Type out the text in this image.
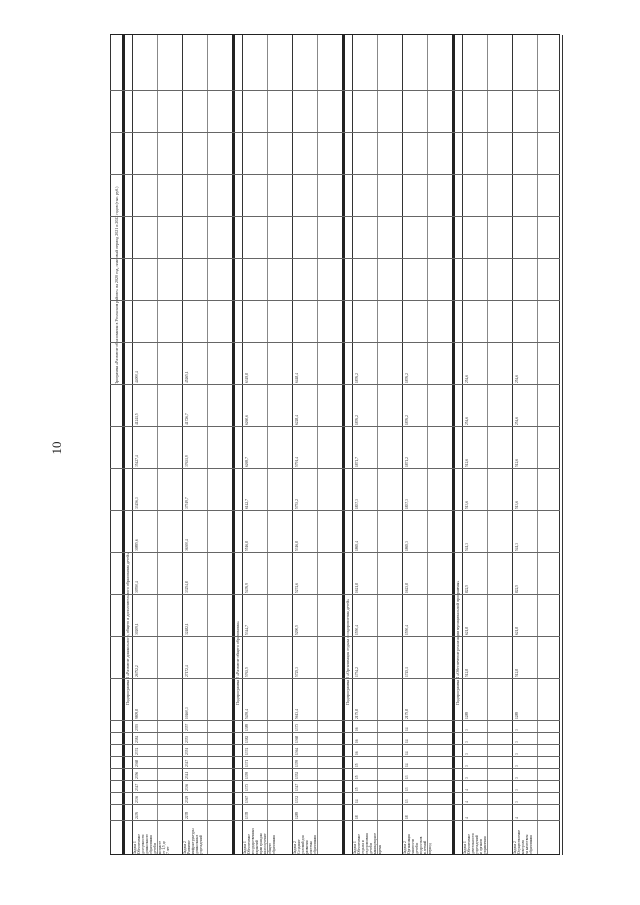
10
Программа «Развитие образования в Усольском районе» на 2020 год, плановый период 2021 и 2022 годов (тыс. руб.)
Подпрограмма 1 «Развитие дошкольного, общего и дополнительного образования детей»
Задача 1
Обеспечение
доступности
дошкольного
образования
детей в
возрасте
от 1,5 до
7 лет
2476
2336
2347
2356
2368
2374
2384
2393
9809,8
26752,2
30209,1
30550,4
30895,6
33456,3
35427,4
41241,5
44000,4
Задача 2
Развитие
инфраструктуры
дошкольных
учреждений
2278
2329
2336
2341
2347
2351
2353
2357
10460,3
27172,4
32482,1
33254,8
36300,4
37519,7
37631,9
41726,7
45265,1
Подпрограмма 2 «Развитие общего образования»
Задача 1
Обеспечение
государственных
гарантий
прав граждан
на получение
общего
образования
1378
1367
1373
1359
1371
1374
1382
1389
5459,4
5763,5
5344,7
5476,9
5516,8
6142,7
6269,7
6260,6
6349,8
Задача 2
Создание
условий для
развития
системы
образования
1289
1332
1347
1352
1359
1364
1368
1373
5613,4
5725,3
5290,5
5274,6
5316,8
5753,2
5791,4
6228,4
6448,4
Подпрограмма 3 «Организация отдыха и оздоровления детей»
Задача 1
Обеспечение
отдыха и
оздоровления
детей в
каникулярное
время
18
14
15
15
15
16
16
16
2175,8
1754,2
1550,4
1621,8
1865,4
1837,3
1871,7
1876,2
1876,2
Задача 2
Организация
занятости
детей и
подростков
в летний
период
18
13
13
13
14
14
14
14
2175,8
1745,1
1550,4
1623,8
1865,3
1837,3
1871,2
1876,2
1876,2
Подпрограмма 4 «Обеспечение реализации муниципальной программы»
Задача 1
Обеспечение
деятельности
учреждений
и органов
управления
4
4
4
3
3
3
3
3
1289
512,8
621,8
822,5
541,3
513,6
512,6
254,6
254,6
Задача 2
Осуществление
контроля
за качеством
образования
4
3
3
3
3
3
3
3
1289
512,8
621,8
822,5
541,3
513,6
512,6
254,6
254,6
